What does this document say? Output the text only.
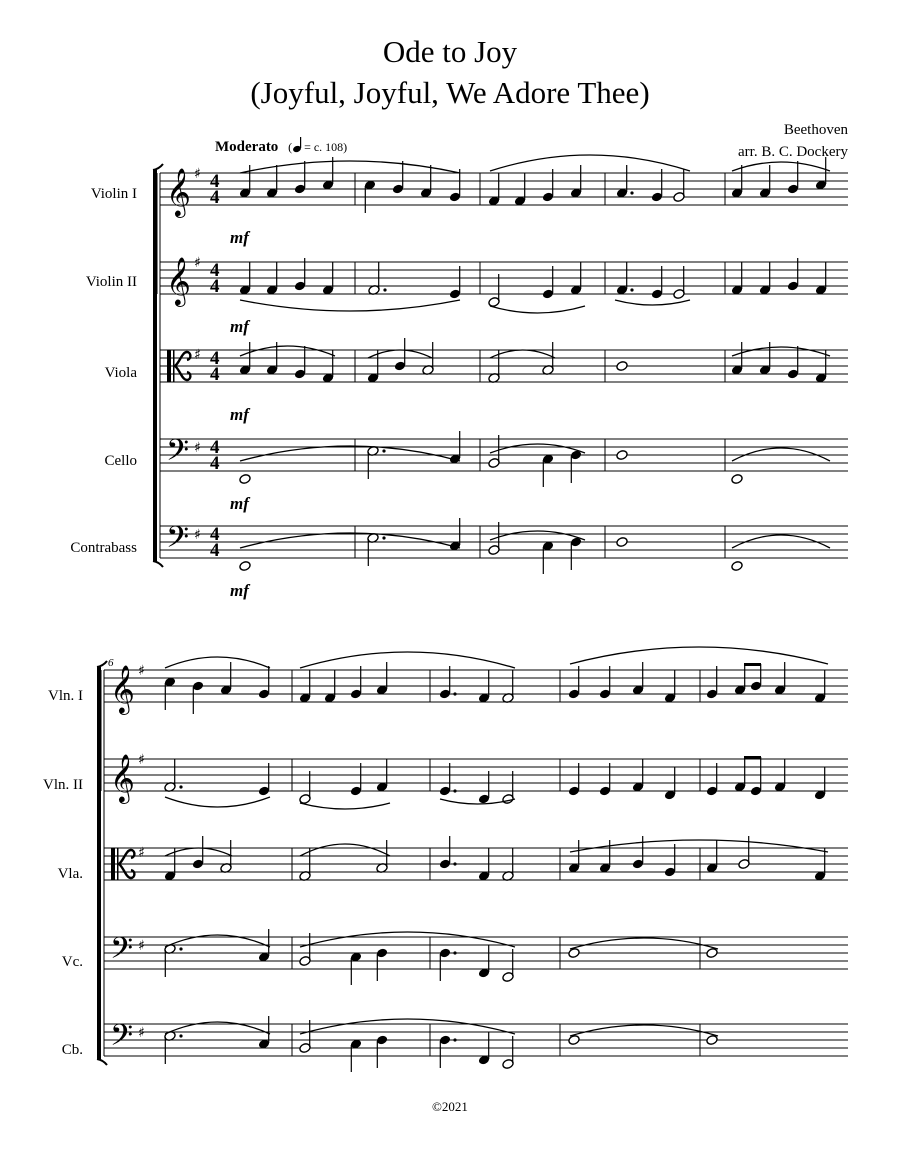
Ode to Joy
(Joyful, Joyful, We Adore Thee)
Beethoven
arr. B. C. Dockery
Moderato   ( = c. 108)
Violin I
Violin II
Viola
Cello
Contrabass
Vln. I
Vln. II
Vla.
Vc.
Cb.
©2021
𝄞 ♯ 4
4
𝄞 ♯ 4
4
♯ 4
4
𝄢 ♯ 4
4
𝄢 ♯ 4
4
𝄞 ♯
𝄞 ♯
♯
𝄢 ♯
𝄢 ♯
mf
mf
mf
mf
mf
6
